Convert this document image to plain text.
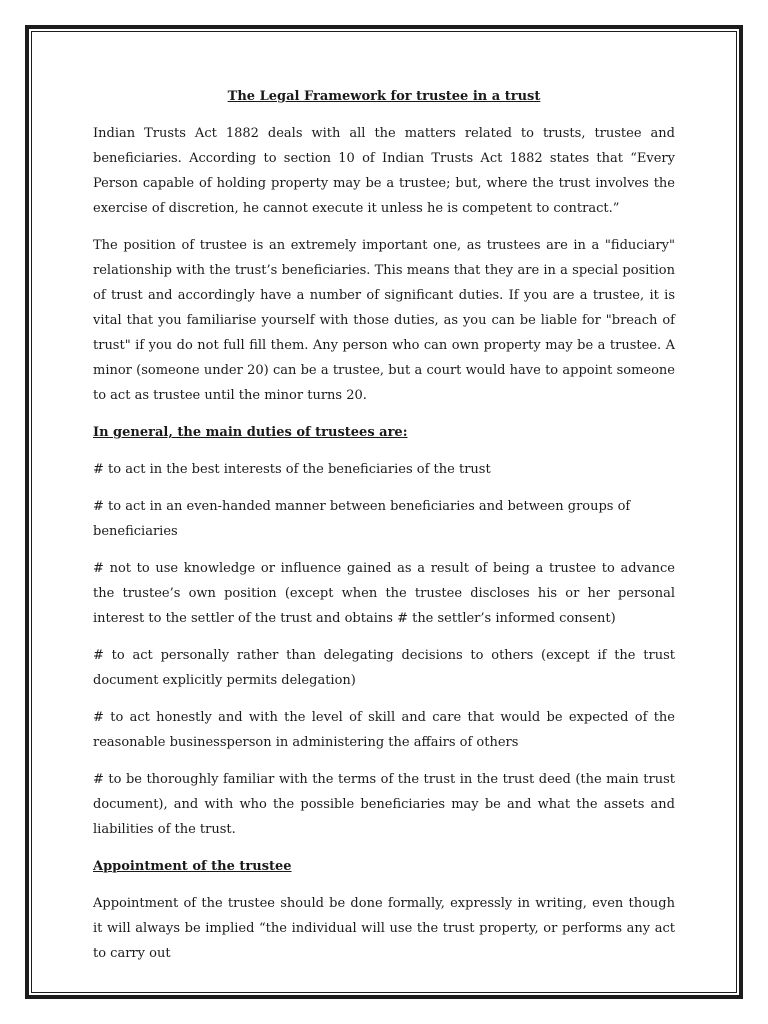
The Legal Framework for trustee in a trust

Indian Trusts Act 1882 deals with all the matters related to trusts, trustee and beneficiaries. According to section 10 of Indian Trusts Act 1882 states that “Every Person capable of holding property may be a trustee; but, where the trust involves the exercise of discretion, he cannot execute it unless he is competent to contract.”

The position of trustee is an extremely important one, as trustees are in a "fiduciary" relationship with the trust’s beneficiaries. This means that they are in a special position of trust and accordingly have a number of significant duties. If you are a trustee, it is vital that you familiarise yourself with those duties, as you can be liable for "breach of trust" if you do not full fill them. Any person who can own property may be a trustee. A minor (someone under 20) can be a trustee, but a court would have to appoint someone to act as trustee until the minor turns 20.

In general, the main duties of trustees are:

# to act in the best interests of the beneficiaries of the trust

# to act in an even-handed manner between beneficiaries and between groups of beneficiaries

# not to use knowledge or influence gained as a result of being a trustee to advance the trustee’s own position (except when the trustee discloses his or her personal interest to the settler of the trust and obtains # the settler’s informed consent)

# to act personally rather than delegating decisions to others (except if the trust document explicitly permits delegation)

# to act honestly and with the level of skill and care that would be expected of the reasonable businessperson in administering the affairs of others

# to be thoroughly familiar with the terms of the trust in the trust deed (the main trust document), and with who the possible beneficiaries may be and what the assets and liabilities of the trust.

Appointment of the trustee

Appointment of the trustee should be done formally, expressly in writing, even though it will always be implied “the individual will use the trust property, or performs any act to carry out
